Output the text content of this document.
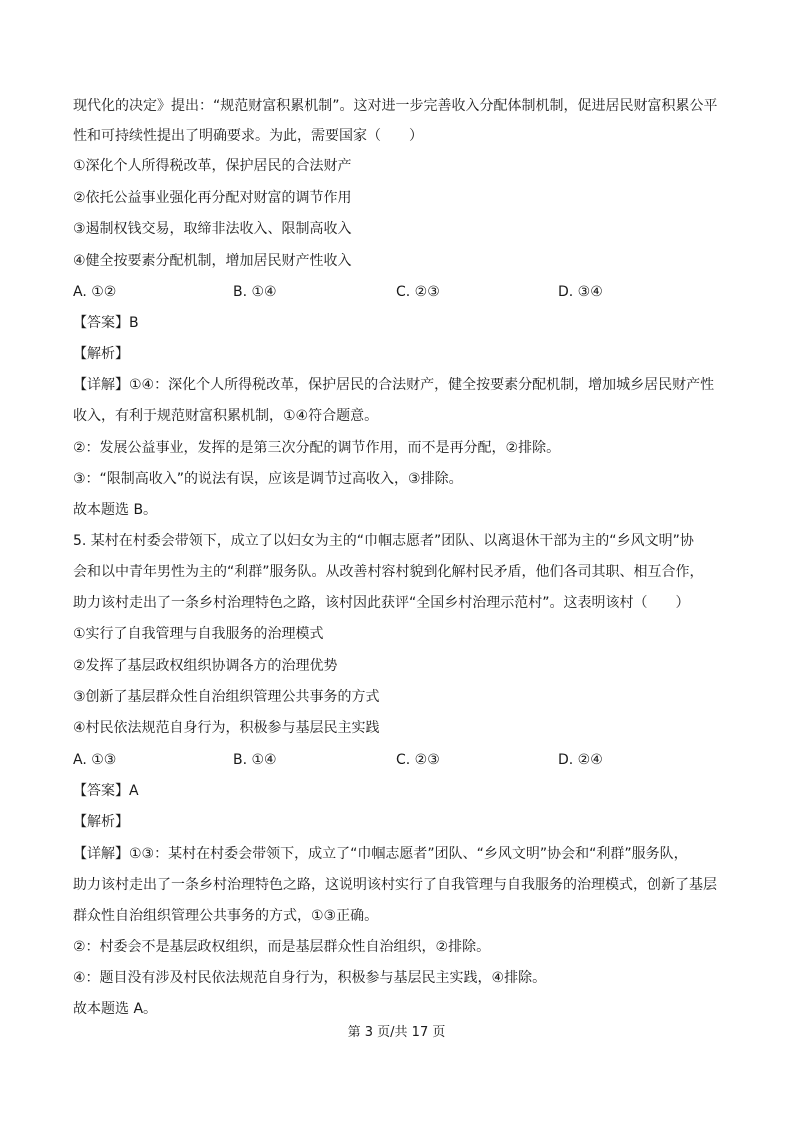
现代化的决定》提出：“规范财富积累机制”。这对进一步完善收入分配体制机制，促进居民财富积累公平
性和可持续性提出了明确要求。为此，需要国家（　　）
①深化个人所得税改革，保护居民的合法财产
②依托公益事业强化再分配对财富的调节作用
③遏制权钱交易，取缔非法收入、限制高收入
④健全按要素分配机制，增加居民财产性收入
A. ①②	B. ①④	C. ②③	D. ③④
【答案】B
【解析】
【详解】①④：深化个人所得税改革，保护居民的合法财产，健全按要素分配机制，增加城乡居民财产性
收入，有利于规范财富积累机制，①④符合题意。
②：发展公益事业，发挥的是第三次分配的调节作用，而不是再分配，②排除。
③：“限制高收入”的说法有误，应该是调节过高收入，③排除。
故本题选 B。
5. 某村在村委会带领下，成立了以妇女为主的“巾帼志愿者”团队、以离退休干部为主的“乡风文明”协
会和以中青年男性为主的“利群”服务队。从改善村容村貌到化解村民矛盾，他们各司其职、相互合作，
助力该村走出了一条乡村治理特色之路，该村因此获评“全国乡村治理示范村”。这表明该村（　　）
①实行了自我管理与自我服务的治理模式
②发挥了基层政权组织协调各方的治理优势
③创新了基层群众性自治组织管理公共事务的方式
④村民依法规范自身行为，积极参与基层民主实践
A. ①③	B. ①④	C. ②③	D. ②④
【答案】A
【解析】
【详解】①③：某村在村委会带领下，成立了“巾帼志愿者”团队、“乡风文明”协会和“利群”服务队，
助力该村走出了一条乡村治理特色之路，这说明该村实行了自我管理与自我服务的治理模式，创新了基层
群众性自治组织管理公共事务的方式，①③正确。
②：村委会不是基层政权组织，而是基层群众性自治组织，②排除。
④：题目没有涉及村民依法规范自身行为，积极参与基层民主实践，④排除。
故本题选 A。
第 3 页/共 17 页
